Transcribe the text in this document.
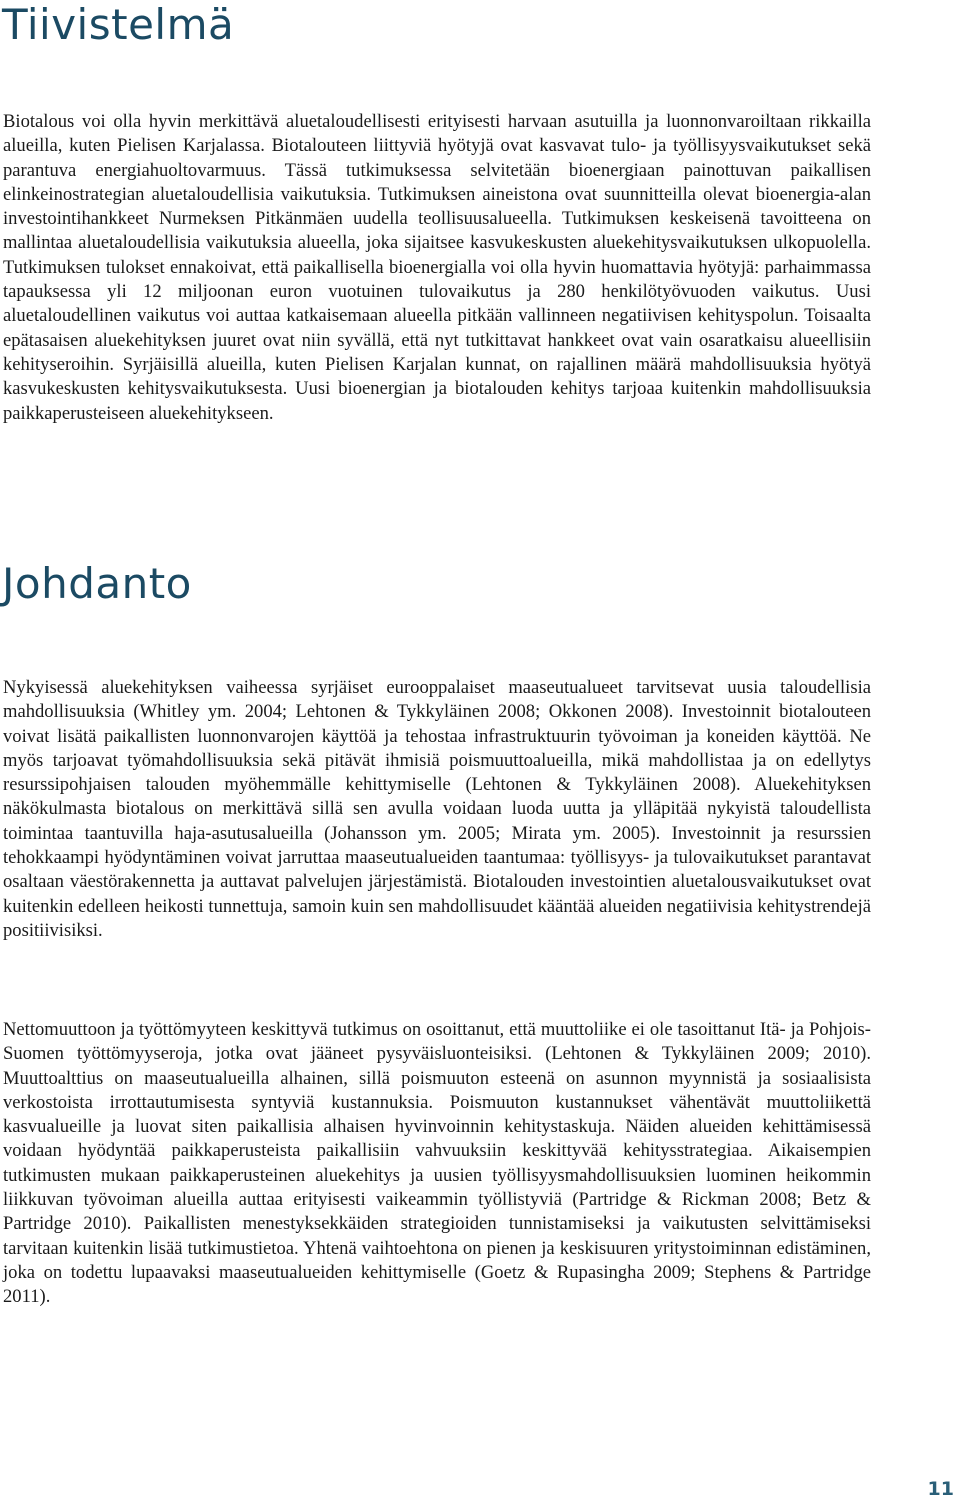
Tiivistelmä

Biotalous voi olla hyvin merkittävä aluetaloudellisesti erityisesti harvaan asutuilla ja luonnonvaroiltaan rikkailla alueilla, kuten Pielisen Karjalassa. Biotalouteen liittyviä hyötyjä ovat kasvavat tulo- ja työllisyysvaikutukset sekä parantuva energiahuoltovarmuus. Tässä tutkimuksessa selvitetään bioenergiaan painottuvan paikallisen elinkeinostrategian aluetaloudellisia vaikutuksia. Tutkimuksen aineistona ovat suunnitteilla olevat bioenergia-alan investointihankkeet Nurmeksen Pitkänmäen uudella teollisuusalueella. Tutkimuksen keskeisenä tavoitteena on mallintaa aluetaloudellisia vaikutuksia alueella, joka sijaitsee kasvukeskusten aluekehitysvaikutuksen ulkopuolella. Tutkimuksen tulokset ennakoivat, että paikallisella bioenergialla voi olla hyvin huomattavia hyötyjä: parhaimmassa tapauksessa yli 12 miljoonan euron vuotuinen tulovaikutus ja 280 henkilötyövuoden vaikutus. Uusi aluetaloudellinen vaikutus voi auttaa katkaisemaan alueella pitkään vallinneen negatiivisen kehityspolun. Toisaalta epätasaisen aluekehityksen juuret ovat niin syvällä, että nyt tutkittavat hankkeet ovat vain osaratkaisu alueellisiin kehityseroihin. Syrjäisillä alueilla, kuten Pielisen Karjalan kunnat, on rajallinen määrä mahdollisuuksia hyötyä kasvukeskusten kehitysvaikutuksesta. Uusi bioenergian ja biotalouden kehitys tarjoaa kuitenkin mahdollisuuksia paikkaperusteiseen aluekehitykseen.

Johdanto

Nykyisessä aluekehityksen vaiheessa syrjäiset eurooppalaiset maaseutualueet tarvitsevat uusia taloudellisia mahdollisuuksia (Whitley ym. 2004; Lehtonen & Tykkyläinen 2008; Okkonen 2008). Investoinnit biotalouteen voivat lisätä paikallisten luonnonvarojen käyttöä ja tehostaa infrastruktuurin työvoiman ja koneiden käyttöä. Ne myös tarjoavat työmahdollisuuksia sekä pitävät ihmisiä poismuuttoalueilla, mikä mahdollistaa ja on edellytys resurssipohjaisen talouden myöhemmälle kehittymiselle (Lehtonen & Tykkyläinen 2008). Aluekehityksen näkökulmasta biotalous on merkittävä sillä sen avulla voidaan luoda uutta ja ylläpitää nykyistä taloudellista toimintaa taantuvilla haja-asutusalueilla (Johansson ym. 2005; Mirata ym. 2005). Investoinnit ja resurssien tehokkaampi hyödyntäminen voivat jarruttaa maaseutualueiden taantumaa: työllisyys- ja tulovaikutukset parantavat osaltaan väestörakennetta ja auttavat palvelujen järjestämistä. Biotalouden investointien aluetalousvaikutukset ovat kuitenkin edelleen heikosti tunnettuja, samoin kuin sen mahdollisuudet kääntää alueiden negatiivisia kehitystrendejä positiivisiksi.

Nettomuuttoon ja työttömyyteen keskittyvä tutkimus on osoittanut, että muuttoliike ei ole tasoittanut Itä- ja Pohjois-Suomen työttömyyseroja, jotka ovat jääneet pysyväisluonteisiksi. (Lehtonen & Tykkyläinen 2009; 2010). Muuttoalttius on maaseutualueilla alhainen, sillä poismuuton esteenä on asunnon myynnistä ja sosiaalisista verkostoista irrottautumisesta syntyviä kustannuksia. Poismuuton kustannukset vähentävät muuttoliikettä kasvualueille ja luovat siten paikallisia alhaisen hyvinvoinnin kehitystaskuja. Näiden alueiden kehittämisessä voidaan hyödyntää paikkaperusteista paikallisiin vahvuuksiin keskittyvää kehitysstrategiaa. Aikaisempien tutkimusten mukaan paikkaperusteinen aluekehitys ja uusien työllisyysmahdollisuuksien luominen heikommin liikkuvan työvoiman alueilla auttaa erityisesti vaikeammin työllistyviä (Partridge & Rickman 2008; Betz & Partridge 2010). Paikallisten menestyksekkäiden strategioiden tunnistamiseksi ja vaikutusten selvittämiseksi tarvitaan kuitenkin lisää tutkimustietoa. Yhtenä vaihtoehtona on pienen ja keskisuuren yritystoiminnan edistäminen, joka on todettu lupaavaksi maaseutualueiden kehittymiselle (Goetz & Rupasingha 2009; Stephens & Partridge 2011).

11
